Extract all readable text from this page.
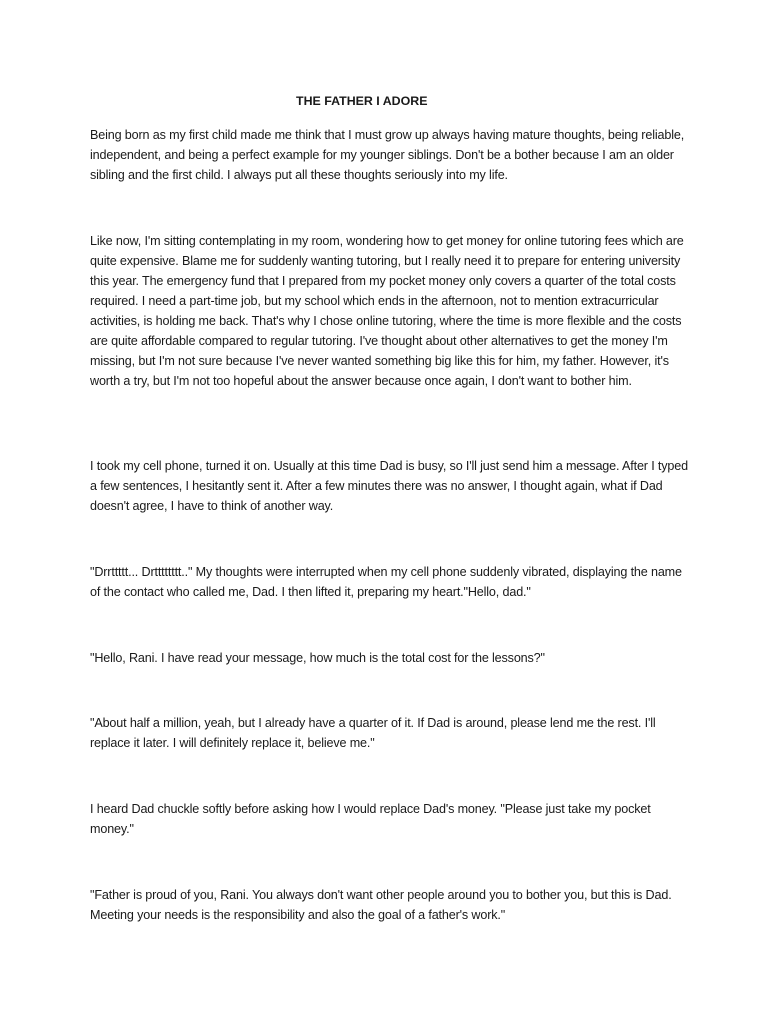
THE FATHER I ADORE

Being born as my first child made me think that I must grow up always having mature thoughts, being reliable, independent, and being a perfect example for my younger siblings. Don't be a bother because I am an older sibling and the first child. I always put all these thoughts seriously into my life.

Like now, I'm sitting contemplating in my room, wondering how to get money for online tutoring fees which are quite expensive. Blame me for suddenly wanting tutoring, but I really need it to prepare for entering university this year. The emergency fund that I prepared from my pocket money only covers a quarter of the total costs required. I need a part-time job, but my school which ends in the afternoon, not to mention extracurricular activities, is holding me back. That's why I chose online tutoring, where the time is more flexible and the costs are quite affordable compared to regular tutoring. I've thought about other alternatives to get the money I'm missing, but I'm not sure because I've never wanted something big like this for him, my father. However, it's worth a try, but I'm not too hopeful about the answer because once again, I don't want to bother him.

I took my cell phone, turned it on. Usually at this time Dad is busy, so I'll just send him a message. After I typed a few sentences, I hesitantly sent it. After a few minutes there was no answer, I thought again, what if Dad doesn't agree, I have to think of another way.

"Drrttttt... Drtttttttt.." My thoughts were interrupted when my cell phone suddenly vibrated, displaying the name of the contact who called me, Dad. I then lifted it, preparing my heart."Hello, dad."

"Hello, Rani. I have read your message, how much is the total cost for the lessons?"

"About half a million, yeah, but I already have a quarter of it. If Dad is around, please lend me the rest. I'll replace it later. I will definitely replace it, believe me."

I heard Dad chuckle softly before asking how I would replace Dad's money. "Please just take my pocket money."

"Father is proud of you, Rani. You always don't want other people around you to bother you, but this is Dad. Meeting your needs is the responsibility and also the goal of a father's work."
